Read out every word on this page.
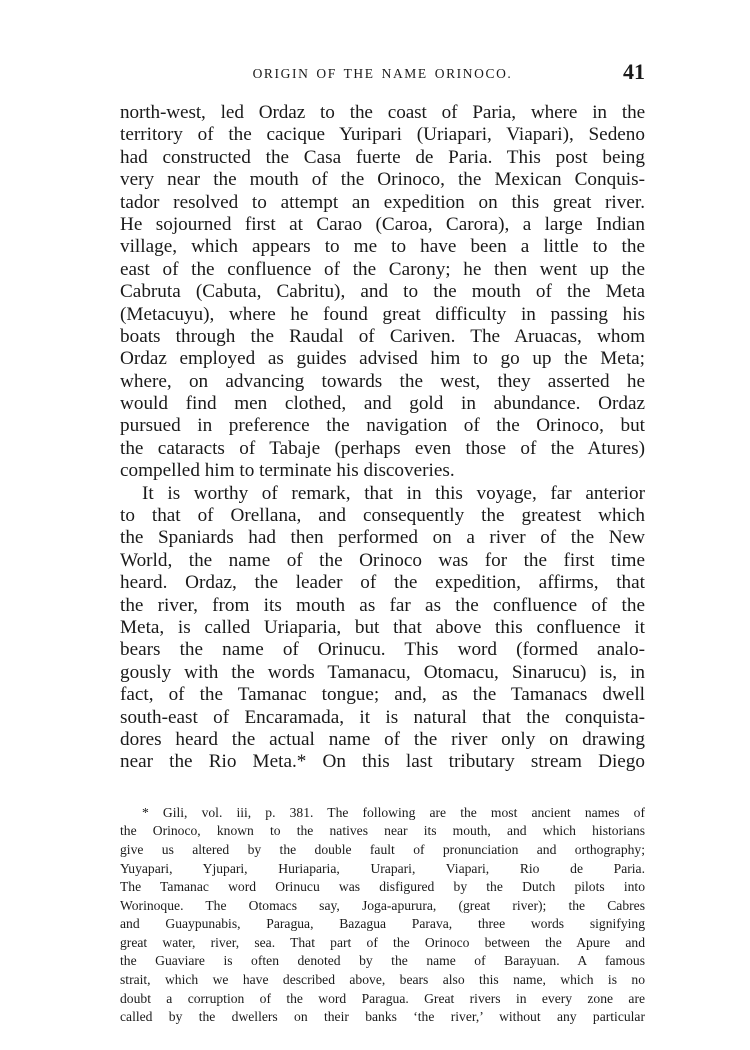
ORIGIN OF THE NAME ORINOCO.	41
north-west, led Ordaz to the coast of Paria, where in the
territory of the cacique Yuripari (Uriapari, Viapari), Sedeno
had constructed the Casa fuerte de Paria. This post being
very near the mouth of the Orinoco, the Mexican Conquis-
tador resolved to attempt an expedition on this great river.
He sojourned first at Carao (Caroa, Carora), a large Indian
village, which appears to me to have been a little to the
east of the confluence of the Carony; he then went up the
Cabruta (Cabuta, Cabritu), and to the mouth of the Meta
(Metacuyu), where he found great difficulty in passing his
boats through the Raudal of Cariven. The Aruacas, whom
Ordaz employed as guides advised him to go up the Meta;
where, on advancing towards the west, they asserted he
would find men clothed, and gold in abundance. Ordaz
pursued in preference the navigation of the Orinoco, but
the cataracts of Tabaje (perhaps even those of the Atures)
compelled him to terminate his discoveries.
It is worthy of remark, that in this voyage, far anterior
to that of Orellana, and consequently the greatest which
the Spaniards had then performed on a river of the New
World, the name of the Orinoco was for the first time
heard. Ordaz, the leader of the expedition, affirms, that
the river, from its mouth as far as the confluence of the
Meta, is called Uriaparia, but that above this confluence it
bears the name of Orinucu. This word (formed analo-
gously with the words Tamanacu, Otomacu, Sinarucu) is, in
fact, of the Tamanac tongue; and, as the Tamanacs dwell
south-east of Encaramada, it is natural that the conquista-
dores heard the actual name of the river only on drawing
near the Rio Meta.* On this last tributary stream Diego
* Gili, vol. iii, p. 381. The following are the most ancient names of
the Orinoco, known to the natives near its mouth, and which historians
give us altered by the double fault of pronunciation and orthography;
Yuyapari, Yjupari, Huriaparia, Urapari, Viapari, Rio de Paria.
The Tamanac word Orinucu was disfigured by the Dutch pilots into
Worinoque. The Otomacs say, Joga-apurura, (great river); the Cabres
and Guaypunabis, Paragua, Bazagua Parava, three words signifying
great water, river, sea. That part of the Orinoco between the Apure and
the Guaviare is often denoted by the name of Barayuan. A famous
strait, which we have described above, bears also this name, which is no
doubt a corruption of the word Paragua. Great rivers in every zone are
called by the dwellers on their banks ‘the river,’ without any particular
